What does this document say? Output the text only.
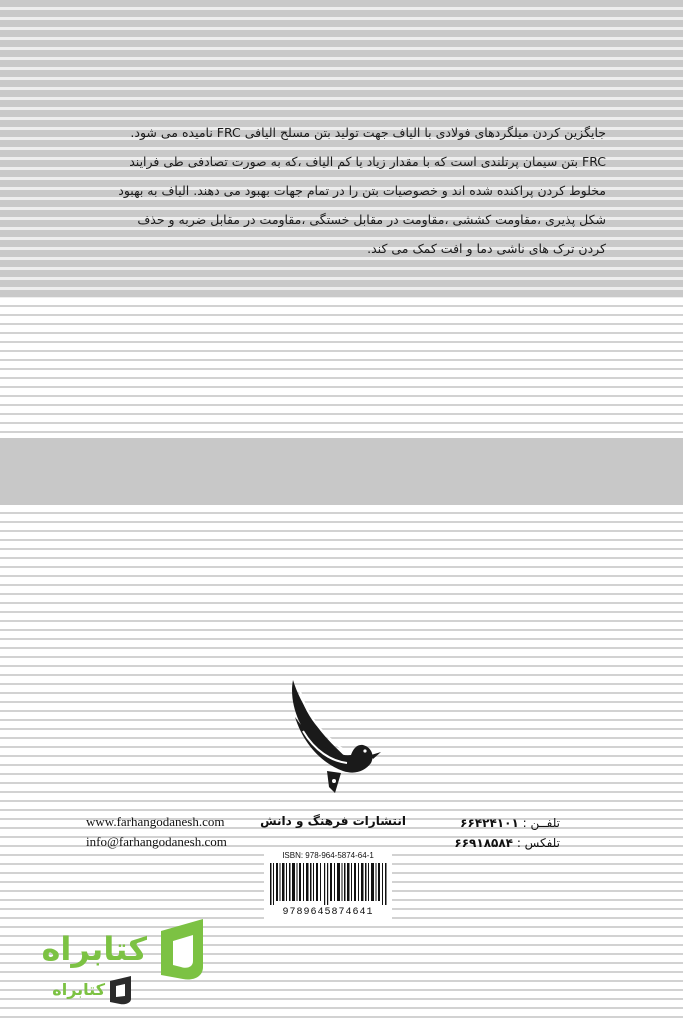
جایگزین کردن میلگردهای فولادی با الیاف جهت تولید بتن مسلح الیافی FRC نامیده می شود.

FRC بتن سیمان پرتلندی است که با مقدار زیاد یا کم الیاف ،که به صورت تصادفی طی فرایند

مخلوط کردن پراکنده شده اند و خصوصیات بتن را در تمام جهات بهبود می دهند. الیاف به بهبود

شکل پذیری ،مقاومت کششی ،مقاومت در مقابل خستگی ،مقاومت در مقابل ضربه و حذف

کردن ترک های ناشی دما و افت کمک می کند.

انتشارات فرهنگ و دانش
www.farhangodanesh.com
info@farhangodanesh.com
تلفــن : ۶۶۴۲۴۱۰۱
تلفکس : ۶۶۹۱۸۵۸۴
ISBN: 978-964-5874-64-1
9789645874641
کتابراه
کتابراه
